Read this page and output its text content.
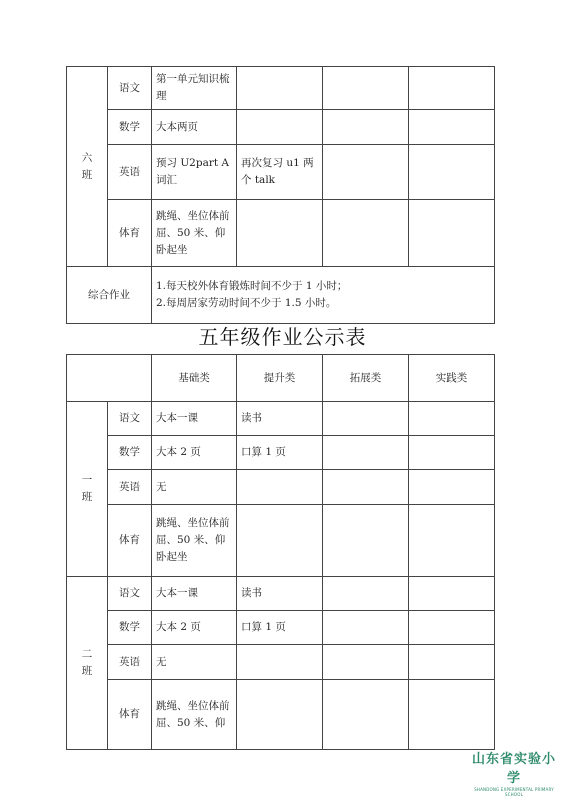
六
班	语文	第一单元知识梳理			
	数学	大本两页			
	英语	预习 U2part A 词汇	再次复习 u1 两个 talk		
	体育	跳绳、坐位体前屈、50 米、仰卧起坐			
综合作业		1.每天校外体育锻炼时间不少于 1 小时；
2.每周居家劳动时间不少于 1.5 小时。			
五年级作业公示表
		基础类	提升类	拓展类	实践类
一
班	语文	大本一课	读书		
	数学	大本 2 页	口算 1 页		
	英语	无			
	体育	跳绳、坐位体前屈、50 米、仰卧起坐			
二
班	语文	大本一课	读书		
	数学	大本 2 页	口算 1 页		
	英语	无			
	体育	跳绳、坐位体前屈、50 米、仰			
山东省实验小学
SHANDONG EXPERIMENTAL PRIMARY SCHOOL
